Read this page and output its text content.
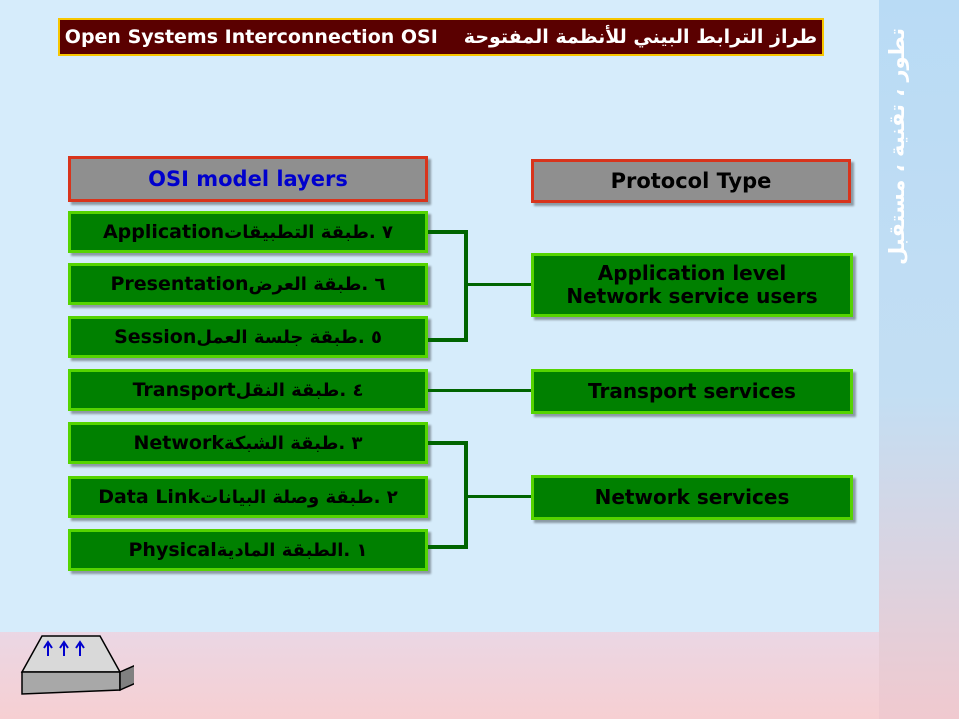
تطور ، تقنية ، مستقبل
Open Systems Interconnection OSI طراز الترابط البيني للأنظمة المفتوحة
OSI model layers	Protocol Type
٧ .
طبقة التطبيقات
Application
٦ .
طبقة العرض
Presentation
٥ .
طبقة جلسة العمل
Session
٤ .
طبقة النقل
Transport
٣ .
طبقة الشبكة
Network
٢ .
طبقة وصلة البيانات
Data Link
١ .
الطبقة المادية
Physical
Application level
Network service users
Transport services
Network services
